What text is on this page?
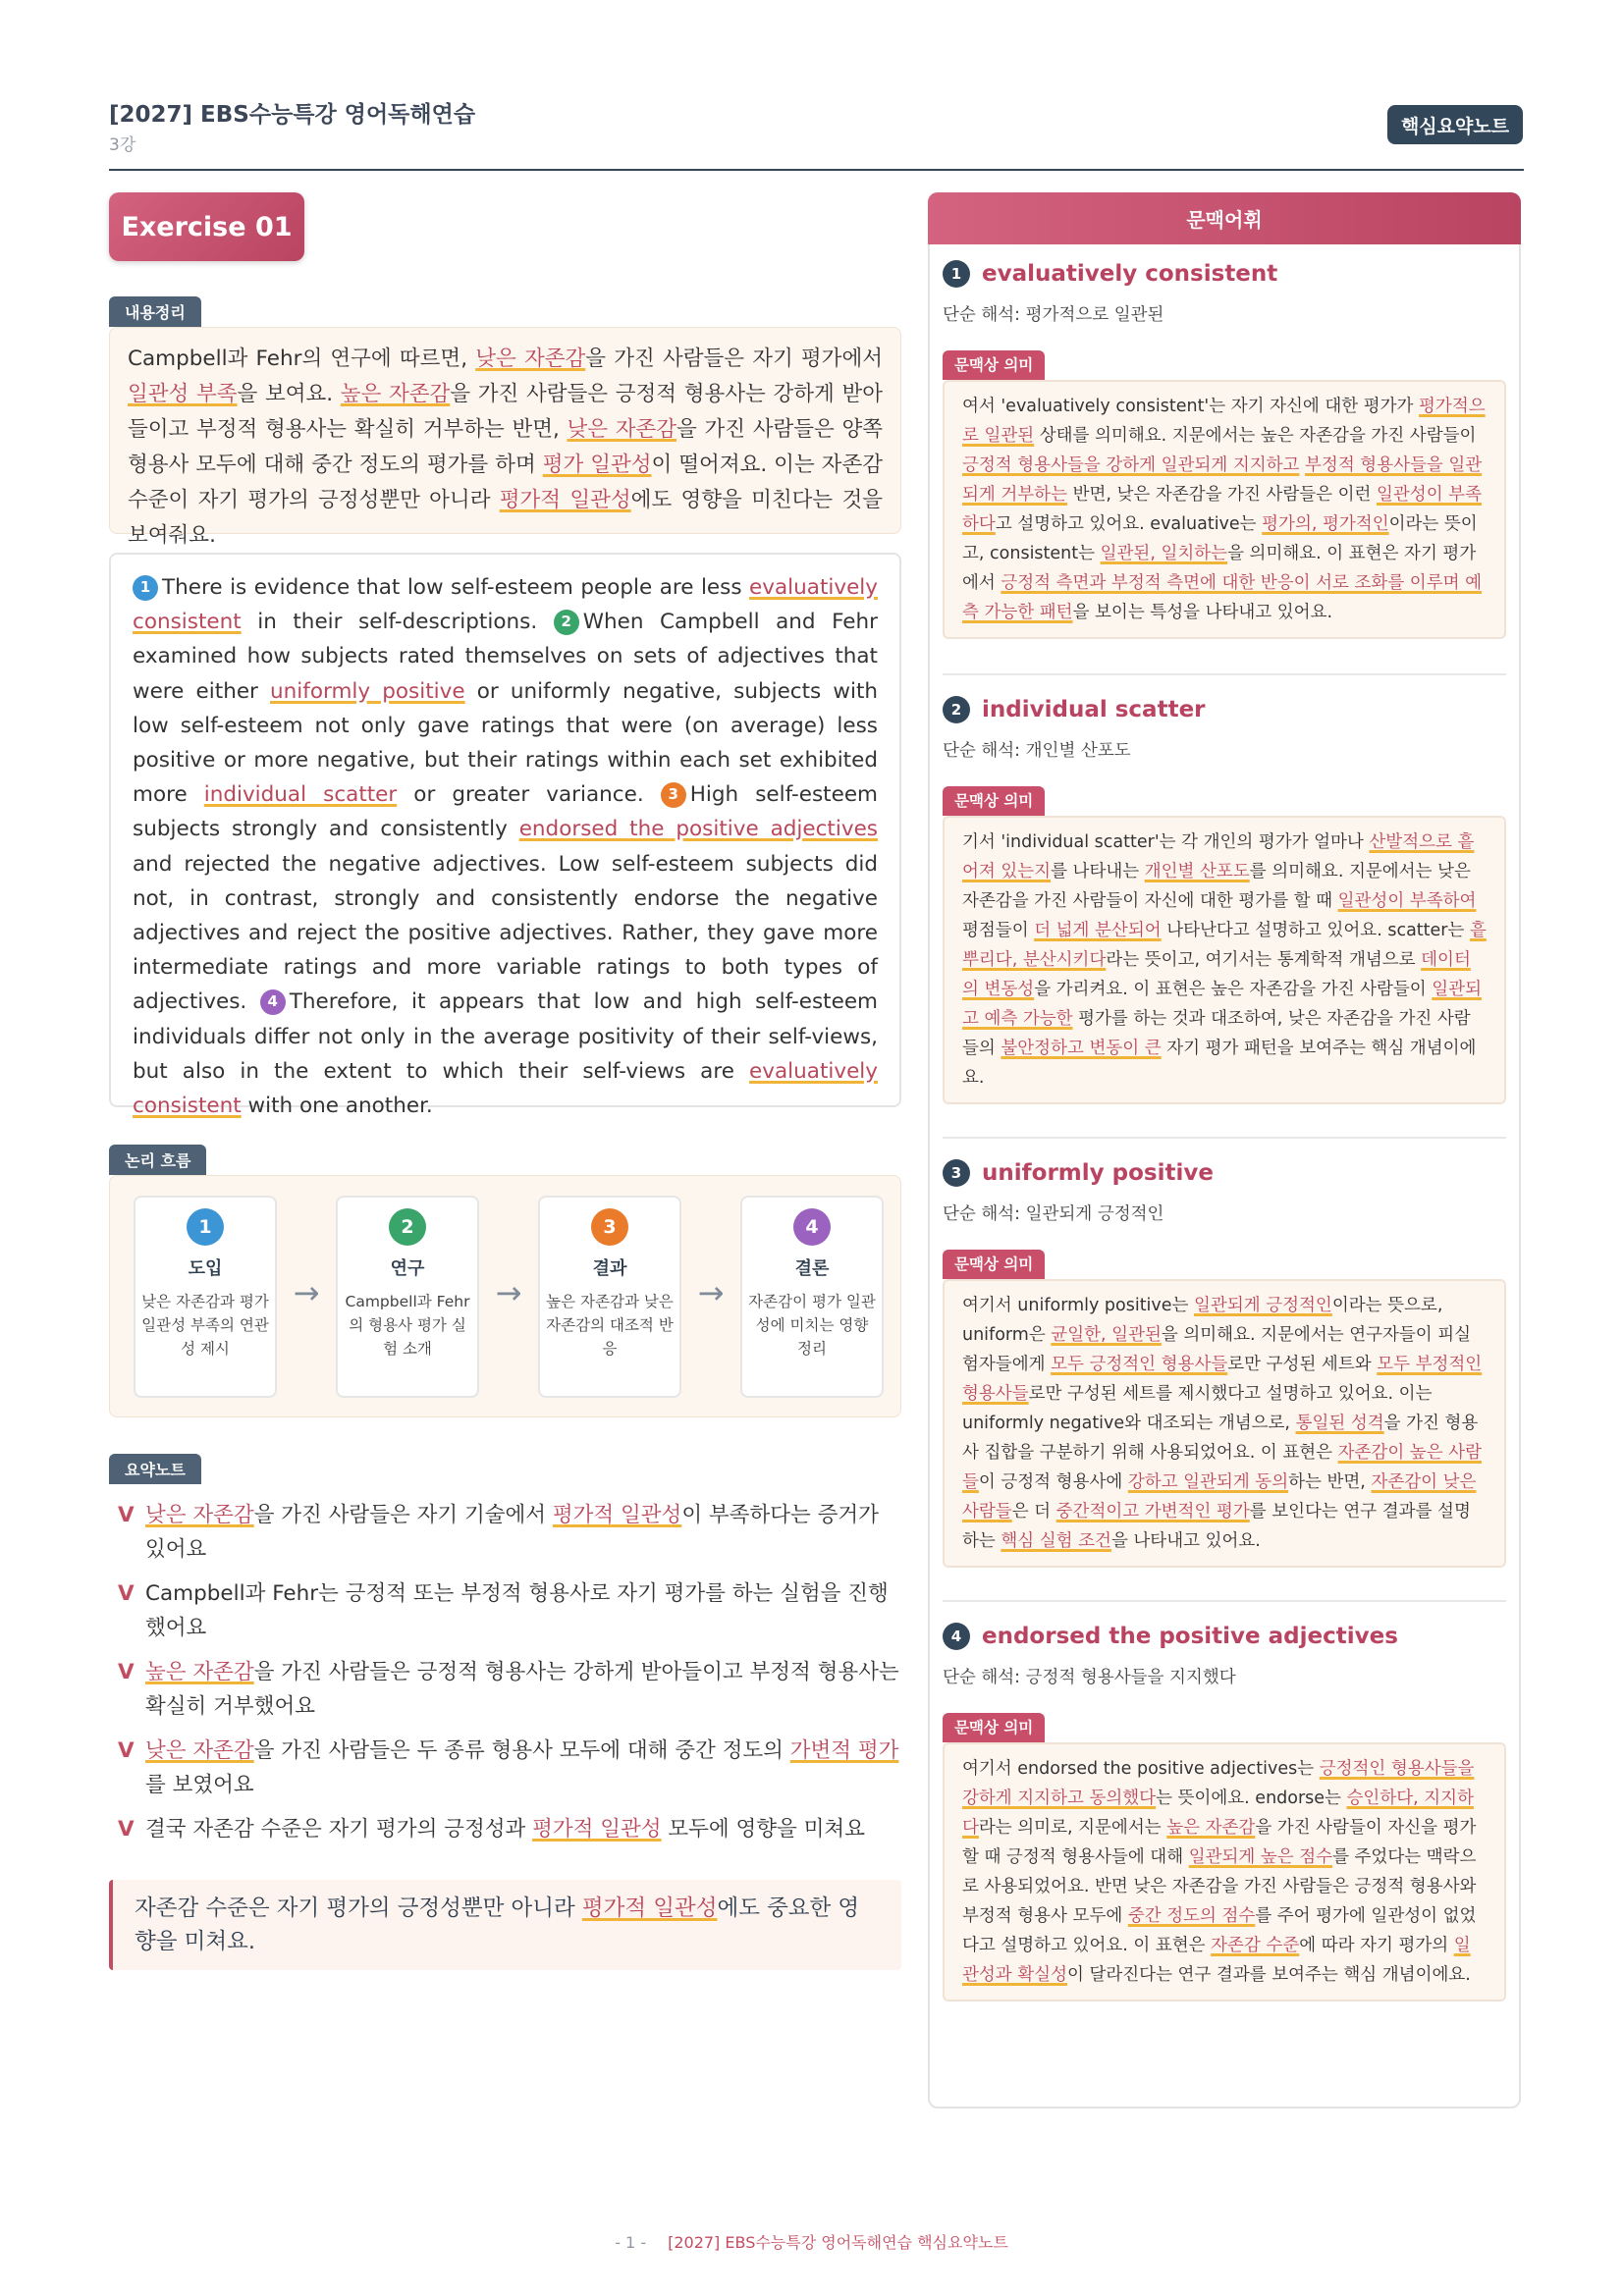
[2027] EBS수능특강 영어독해연습
3강
핵심요약노트
Exercise 01
내용정리
Campbell과 Fehr의 연구에 따르면, 낮은 자존감을 가진 사람들은 자기 평가에서 일관성 부족을 보여요. 높은 자존감을 가진 사람들은 긍정적 형용사는 강하게 받아들이고 부정적 형용사는 확실히 거부하는 반면, 낮은 자존감을 가진 사람들은 양쪽 형용사 모두에 대해 중간 정도의 평가를 하며 평가 일관성이 떨어져요. 이는 자존감 수준이 자기 평가의 긍정성뿐만 아니라 평가적 일관성에도 영향을 미친다는 것을 보여줘요.
1 There is evidence that low self-esteem people are less evaluatively consistent in their self-descriptions. 2 When Campbell and Fehr examined how subjects rated themselves on sets of adjectives that were either uniformly positive or uniformly negative, subjects with low self-esteem not only gave ratings that were (on average) less positive or more negative, but their ratings within each set exhibited more individual scatter or greater variance. 3 High self-esteem subjects strongly and consistently endorsed the positive adjectives and rejected the negative adjectives. Low self-esteem subjects did not, in contrast, strongly and consistently endorse the negative adjectives and reject the positive adjectives. Rather, they gave more intermediate ratings and more variable ratings to both types of adjectives. 4 Therefore, it appears that low and high self-esteem individuals differ not only in the average positivity of their self-views, but also in the extent to which their self-views are evaluatively consistent with one another.
논리 흐름
1
도입
낮은 자존감과 평가 일관성 부족의 연관성 제시
→
2
연구
Campbell과 Fehr의 형용사 평가 실험 소개
→
3
결과
높은 자존감과 낮은 자존감의 대조적 반응
→
4
결론
자존감이 평가 일관성에 미치는 영향 정리
요약노트
V 낮은 자존감을 가진 사람들은 자기 기술에서 평가적 일관성이 부족하다는 증거가 있어요
V Campbell과 Fehr는 긍정적 또는 부정적 형용사로 자기 평가를 하는 실험을 진행했어요
V 높은 자존감을 가진 사람들은 긍정적 형용사는 강하게 받아들이고 부정적 형용사는 확실히 거부했어요
V 낮은 자존감을 가진 사람들은 두 종류 형용사 모두에 대해 중간 정도의 가변적 평가를 보였어요
V 결국 자존감 수준은 자기 평가의 긍정성과 평가적 일관성 모두에 영향을 미쳐요
자존감 수준은 자기 평가의 긍정성뿐만 아니라 평가적 일관성에도 중요한 영향을 미쳐요.
문맥어휘
1 evaluatively consistent
단순 해석: 평가적으로 일관된
문맥상 의미
여서 'evaluatively consistent'는 자기 자신에 대한 평가가 평가적으로 일관된 상태를 의미해요. 지문에서는 높은 자존감을 가진 사람들이 긍정적 형용사들을 강하게 일관되게 지지하고 부정적 형용사들을 일관되게 거부하는 반면, 낮은 자존감을 가진 사람들은 이런 일관성이 부족하다고 설명하고 있어요. evaluative는 평가의, 평가적인이라는 뜻이고, consistent는 일관된, 일치하는을 의미해요. 이 표현은 자기 평가에서 긍정적 측면과 부정적 측면에 대한 반응이 서로 조화를 이루며 예측 가능한 패턴을 보이는 특성을 나타내고 있어요.
2 individual scatter
단순 해석: 개인별 산포도
문맥상 의미
기서 'individual scatter'는 각 개인의 평가가 얼마나 산발적으로 흩어져 있는지를 나타내는 개인별 산포도를 의미해요. 지문에서는 낮은 자존감을 가진 사람들이 자신에 대한 평가를 할 때 일관성이 부족하여 평점들이 더 넓게 분산되어 나타난다고 설명하고 있어요. scatter는 흩뿌리다, 분산시키다라는 뜻이고, 여기서는 통계학적 개념으로 데이터의 변동성을 가리켜요. 이 표현은 높은 자존감을 가진 사람들이 일관되고 예측 가능한 평가를 하는 것과 대조하여, 낮은 자존감을 가진 사람들의 불안정하고 변동이 큰 자기 평가 패턴을 보여주는 핵심 개념이에요.
3 uniformly positive
단순 해석: 일관되게 긍정적인
문맥상 의미
여기서 uniformly positive는 일관되게 긍정적인이라는 뜻으로, uniform은 균일한, 일관된을 의미해요. 지문에서는 연구자들이 피실험자들에게 모두 긍정적인 형용사들로만 구성된 세트와 모두 부정적인 형용사들로만 구성된 세트를 제시했다고 설명하고 있어요. 이는 uniformly negative와 대조되는 개념으로, 통일된 성격을 가진 형용사 집합을 구분하기 위해 사용되었어요. 이 표현은 자존감이 높은 사람들이 긍정적 형용사에 강하고 일관되게 동의하는 반면, 자존감이 낮은 사람들은 더 중간적이고 가변적인 평가를 보인다는 연구 결과를 설명하는 핵심 실험 조건을 나타내고 있어요.
4 endorsed the positive adjectives
단순 해석: 긍정적 형용사들을 지지했다
문맥상 의미
여기서 endorsed the positive adjectives는 긍정적인 형용사들을 강하게 지지하고 동의했다는 뜻이에요. endorse는 승인하다, 지지하다라는 의미로, 지문에서는 높은 자존감을 가진 사람들이 자신을 평가할 때 긍정적 형용사들에 대해 일관되게 높은 점수를 주었다는 맥락으로 사용되었어요. 반면 낮은 자존감을 가진 사람들은 긍정적 형용사와 부정적 형용사 모두에 중간 정도의 점수를 주어 평가에 일관성이 없었다고 설명하고 있어요. 이 표현은 자존감 수준에 따라 자기 평가의 일관성과 확실성이 달라진다는 연구 결과를 보여주는 핵심 개념이에요.
- 1 - [2027] EBS수능특강 영어독해연습 핵심요약노트
